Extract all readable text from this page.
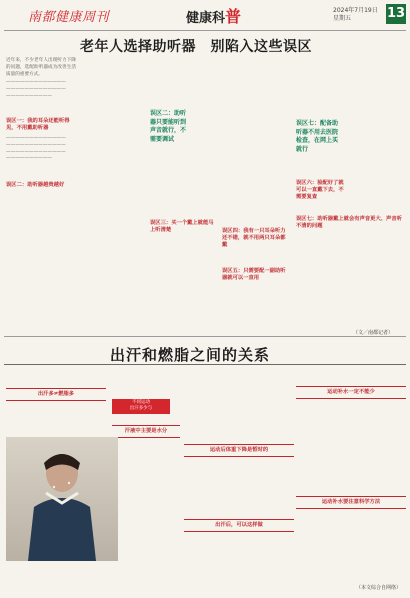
南都健康周刊	健康科普	2024年7月19日
星期五	13
老年人选择助听器　别陷入这些误区

近年来，不少老年人出现听力下降的问题，选配助听器成为改善生活质量的重要方式。

—————————————
—————————————
——————————
误区一：我的耳朵还能听得见，不用戴助听器
—————————————
—————————————
—————————————
——————————
误区二：助听器越贵越好
误区二：助听器只要能听到声音就行，不需要调试
误区三：买一个戴上就能马上听清楚	误区四：我有一只耳朵听力还不错，就不用两只耳朵都戴
误区五：只需要配一副助听器就可以一直用
误区七：配备助听器不用去医院检查，在网上买就行
误区六：验配好了就可以一直戴下去，不需要复查
误区七：助听器戴上就会有声音更大、声音听不清的问题
（文／南都记者）
出汗和燃脂之间的关系
出汗多≠燃脂多
不同运动
出汗多少与
汗液中主要是水分
运动后体重下降是暂时的
出汗后，可以这样做
运动补水一定不能少
运动补水要注意科学方法
（本文综合自网络）
